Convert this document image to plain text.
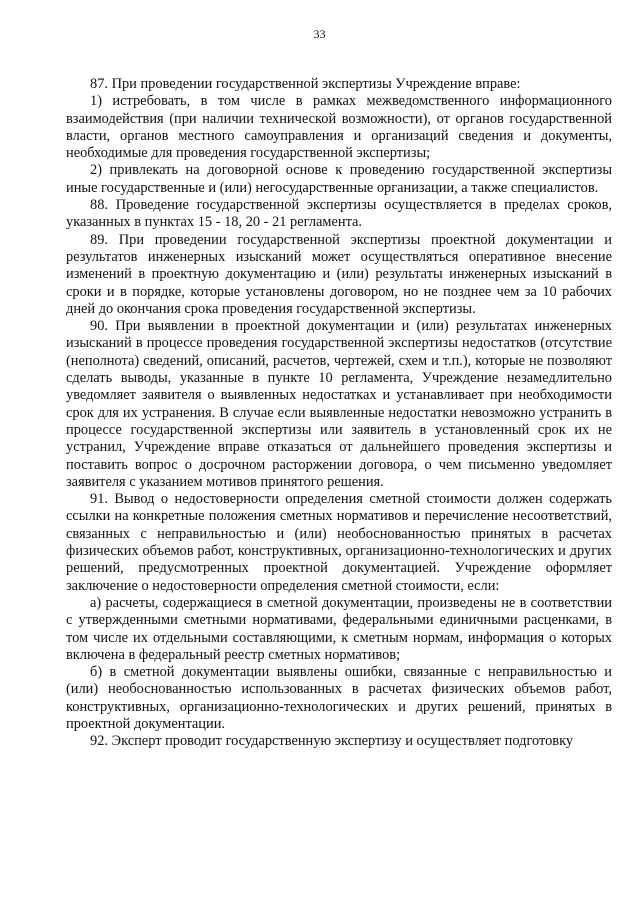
33

87. При проведении государственной экспертизы Учреждение вправе:

1) истребовать, в том числе в рамках межведомственного информационного взаимодействия (при наличии технической возможности), от органов государственной власти, органов местного самоуправления и организаций сведения и документы, необходимые для проведения государственной экспертизы;

2) привлекать на договорной основе к проведению государственной экспертизы иные государственные и (или) негосударственные организации, а также специалистов.

88. Проведение государственной экспертизы осуществляется в пределах сроков, указанных в пунктах 15 - 18, 20 - 21 регламента.

89. При проведении государственной экспертизы проектной документации и результатов инженерных изысканий может осуществляться оперативное внесение изменений в проектную документацию и (или) результаты инженерных изысканий в сроки и в порядке, которые установлены договором, но не позднее чем за 10 рабочих дней до окончания срока проведения государственной экспертизы.

90. При выявлении в проектной документации и (или) результатах инженерных изысканий в процессе проведения государственной экспертизы недостатков (отсутствие (неполнота) сведений, описаний, расчетов, чертежей, схем и т.п.), которые не позволяют сделать выводы, указанные в пункте 10 регламента, Учреждение незамедлительно уведомляет заявителя о выявленных недостатках и устанавливает при необходимости срок для их устранения. В случае если выявленные недостатки невозможно устранить в процессе государственной экспертизы или заявитель в установленный срок их не устранил, Учреждение вправе отказаться от дальнейшего проведения экспертизы и поставить вопрос о досрочном расторжении договора, о чем письменно уведомляет заявителя с указанием мотивов принятого решения.

91. Вывод о недостоверности определения сметной стоимости должен содержать ссылки на конкретные положения сметных нормативов и перечисление несоответствий, связанных с неправильностью и (или) необоснованностью принятых в расчетах физических объемов работ, конструктивных, организационно-технологических и других решений, предусмотренных проектной документацией. Учреждение оформляет заключение о недостоверности определения сметной стоимости, если:

а) расчеты, содержащиеся в сметной документации, произведены не в соответствии с утвержденными сметными нормативами, федеральными единичными расценками, в том числе их отдельными составляющими, к сметным нормам, информация о которых включена в федеральный реестр сметных нормативов;

б) в сметной документации выявлены ошибки, связанные с неправильностью и (или) необоснованностью использованных в расчетах физических объемов работ, конструктивных, организационно-технологических и других решений, принятых в проектной документации.

92. Эксперт проводит государственную экспертизу и осуществляет подготовку
